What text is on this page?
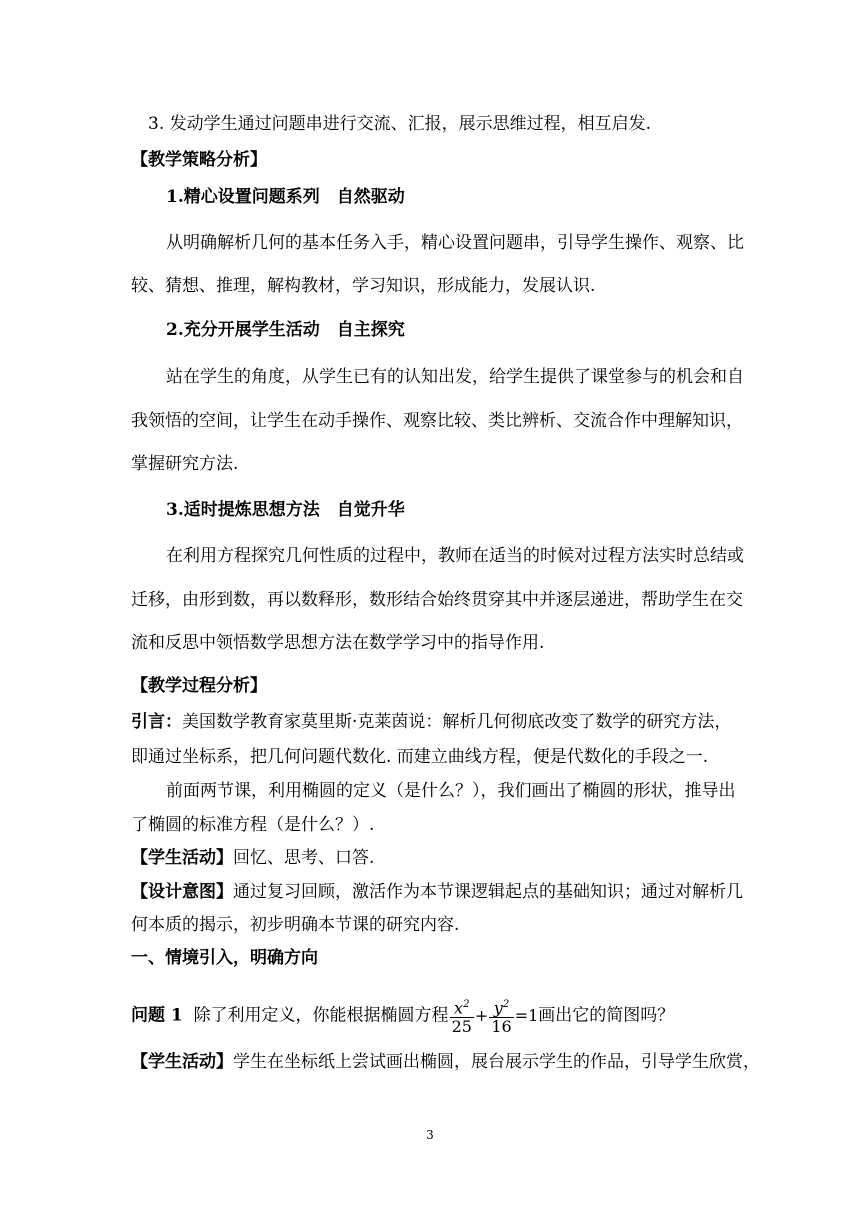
3. 发动学生通过问题串进行交流、汇报，展示思维过程，相互启发.
【教学策略分析】
1.精心设置问题系列　自然驱动
从明确解析几何的基本任务入手，精心设置问题串，引导学生操作、观察、比
较、猜想、推理，解构教材，学习知识，形成能力，发展认识.
2.充分开展学生活动　自主探究
站在学生的角度，从学生已有的认知出发，给学生提供了课堂参与的机会和自
我领悟的空间，让学生在动手操作、观察比较、类比辨析、交流合作中理解知识，
掌握研究方法.
3.适时提炼思想方法　自觉升华
在利用方程探究几何性质的过程中，教师在适当的时候对过程方法实时总结或
迁移，由形到数，再以数释形，数形结合始终贯穿其中并逐层递进，帮助学生在交
流和反思中领悟数学思想方法在数学学习中的指导作用.
【教学过程分析】
引言：美国数学教育家莫里斯·克莱茵说：解析几何彻底改变了数学的研究方法，
即通过坐标系，把几何问题代数化. 而建立曲线方程，便是代数化的手段之一.
前面两节课，利用椭圆的定义（是什么？），我们画出了椭圆的形状，推导出
了椭圆的标准方程（是什么？）.
【学生活动】回忆、思考、口答.
【设计意图】通过复习回顾，激活作为本节课逻辑起点的基础知识；通过对解析几
何本质的揭示，初步明确本节课的研究内容.
一、情境引入，明确方向
问题 1 除了利用定义，你能根据椭圆方程 $\frac{x^2}{25} + \frac{y^2}{16} =1$画出它的简图吗？
【学生活动】学生在坐标纸上尝试画出椭圆，展台展示学生的作品，引导学生欣赏，
3
